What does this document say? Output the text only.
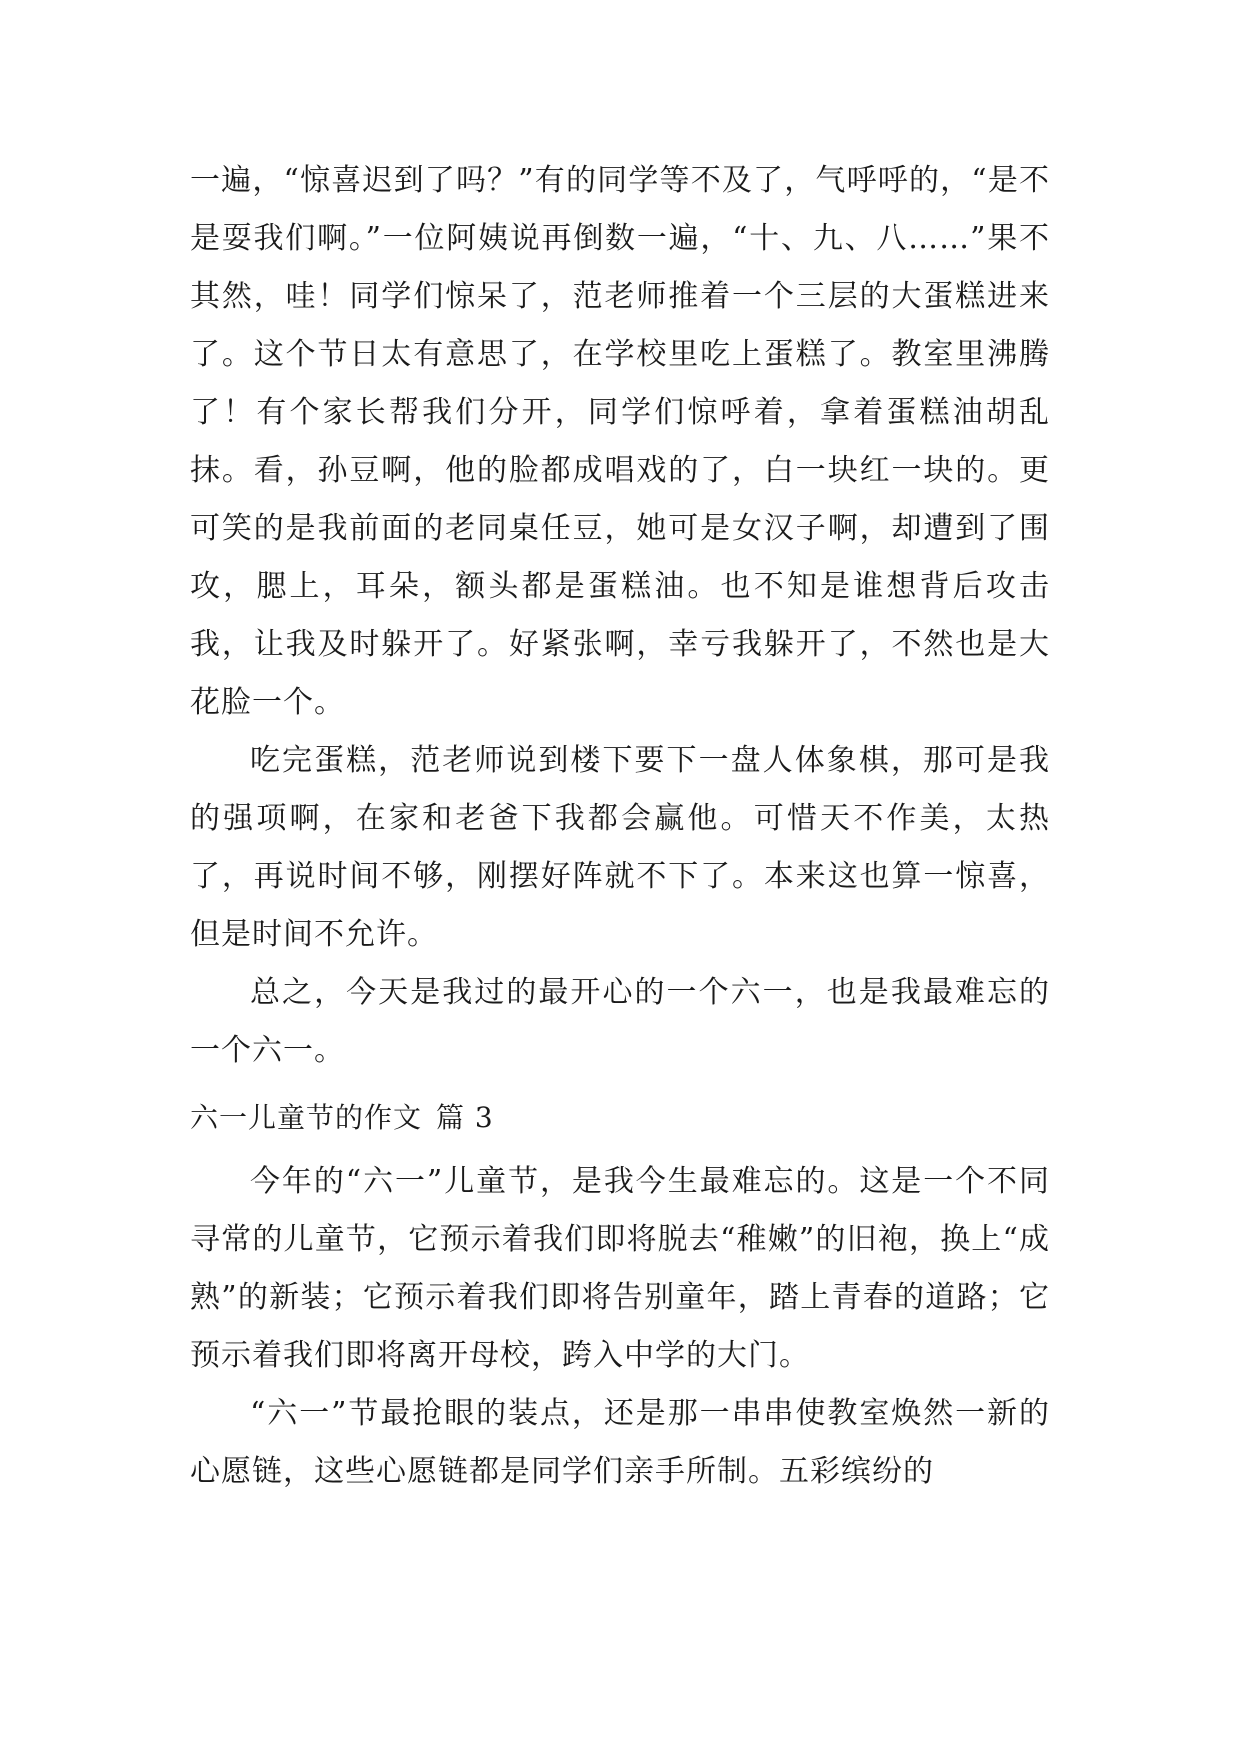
一遍，“惊喜迟到了吗？”有的同学等不及了，气呼呼的，“是不是耍我们啊。”一位阿姨说再倒数一遍，“十、九、八……”果不其然，哇！同学们惊呆了，范老师推着一个三层的大蛋糕进来了。这个节日太有意思了，在学校里吃上蛋糕了。教室里沸腾了！有个家长帮我们分开，同学们惊呼着，拿着蛋糕油胡乱抹。看，孙豆啊，他的脸都成唱戏的了，白一块红一块的。更可笑的是我前面的老同桌任豆，她可是女汉子啊，却遭到了围攻，腮上，耳朵，额头都是蛋糕油。也不知是谁想背后攻击我，让我及时躲开了。好紧张啊，幸亏我躲开了，不然也是大花脸一个。

吃完蛋糕，范老师说到楼下要下一盘人体象棋，那可是我的强项啊，在家和老爸下我都会赢他。可惜天不作美，太热了，再说时间不够，刚摆好阵就不下了。本来这也算一惊喜，但是时间不允许。

总之，今天是我过的最开心的一个六一，也是我最难忘的一个六一。

六一儿童节的作文 篇 3

今年的“六一”儿童节，是我今生最难忘的。这是一个不同寻常的儿童节，它预示着我们即将脱去“稚嫩”的旧袍，换上“成熟”的新装；它预示着我们即将告别童年，踏上青春的道路；它预示着我们即将离开母校，跨入中学的大门。

“六一”节最抢眼的装点，还是那一串串使教室焕然一新的心愿链，这些心愿链都是同学们亲手所制。五彩缤纷的
